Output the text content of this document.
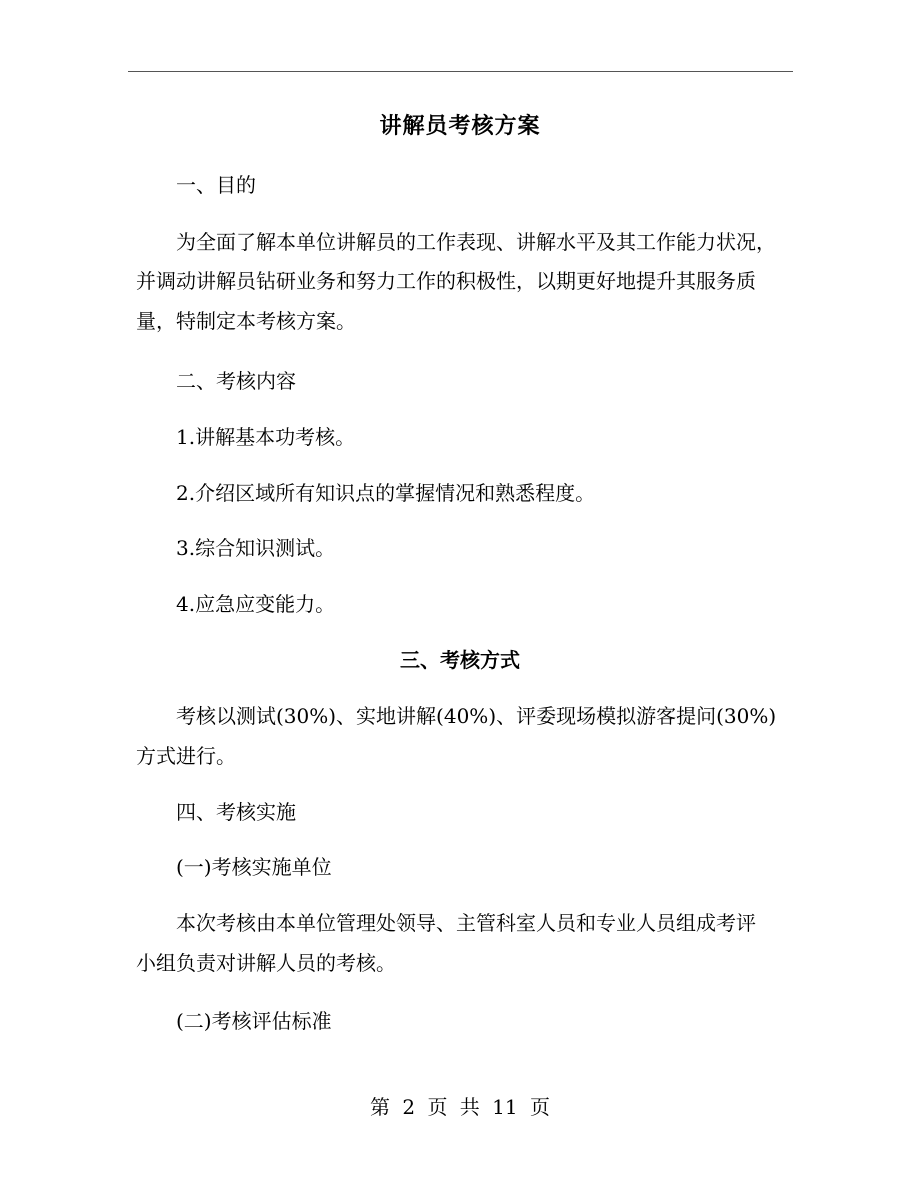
讲解员考核方案
一、目的
为全面了解本单位讲解员的工作表现、讲解水平及其工作能力状况，
并调动讲解员钻研业务和努力工作的积极性，以期更好地提升其服务质
量，特制定本考核方案。
二、考核内容
1.讲解基本功考核。
2.介绍区域所有知识点的掌握情况和熟悉程度。
3.综合知识测试。
4.应急应变能力。
三、考核方式
考核以测试(30%)、实地讲解(40%)、评委现场模拟游客提问(30%)
方式进行。
四、考核实施
(一)考核实施单位
本次考核由本单位管理处领导、主管科室人员和专业人员组成考评
小组负责对讲解人员的考核。
(二)考核评估标准
第 2 页 共 11 页
